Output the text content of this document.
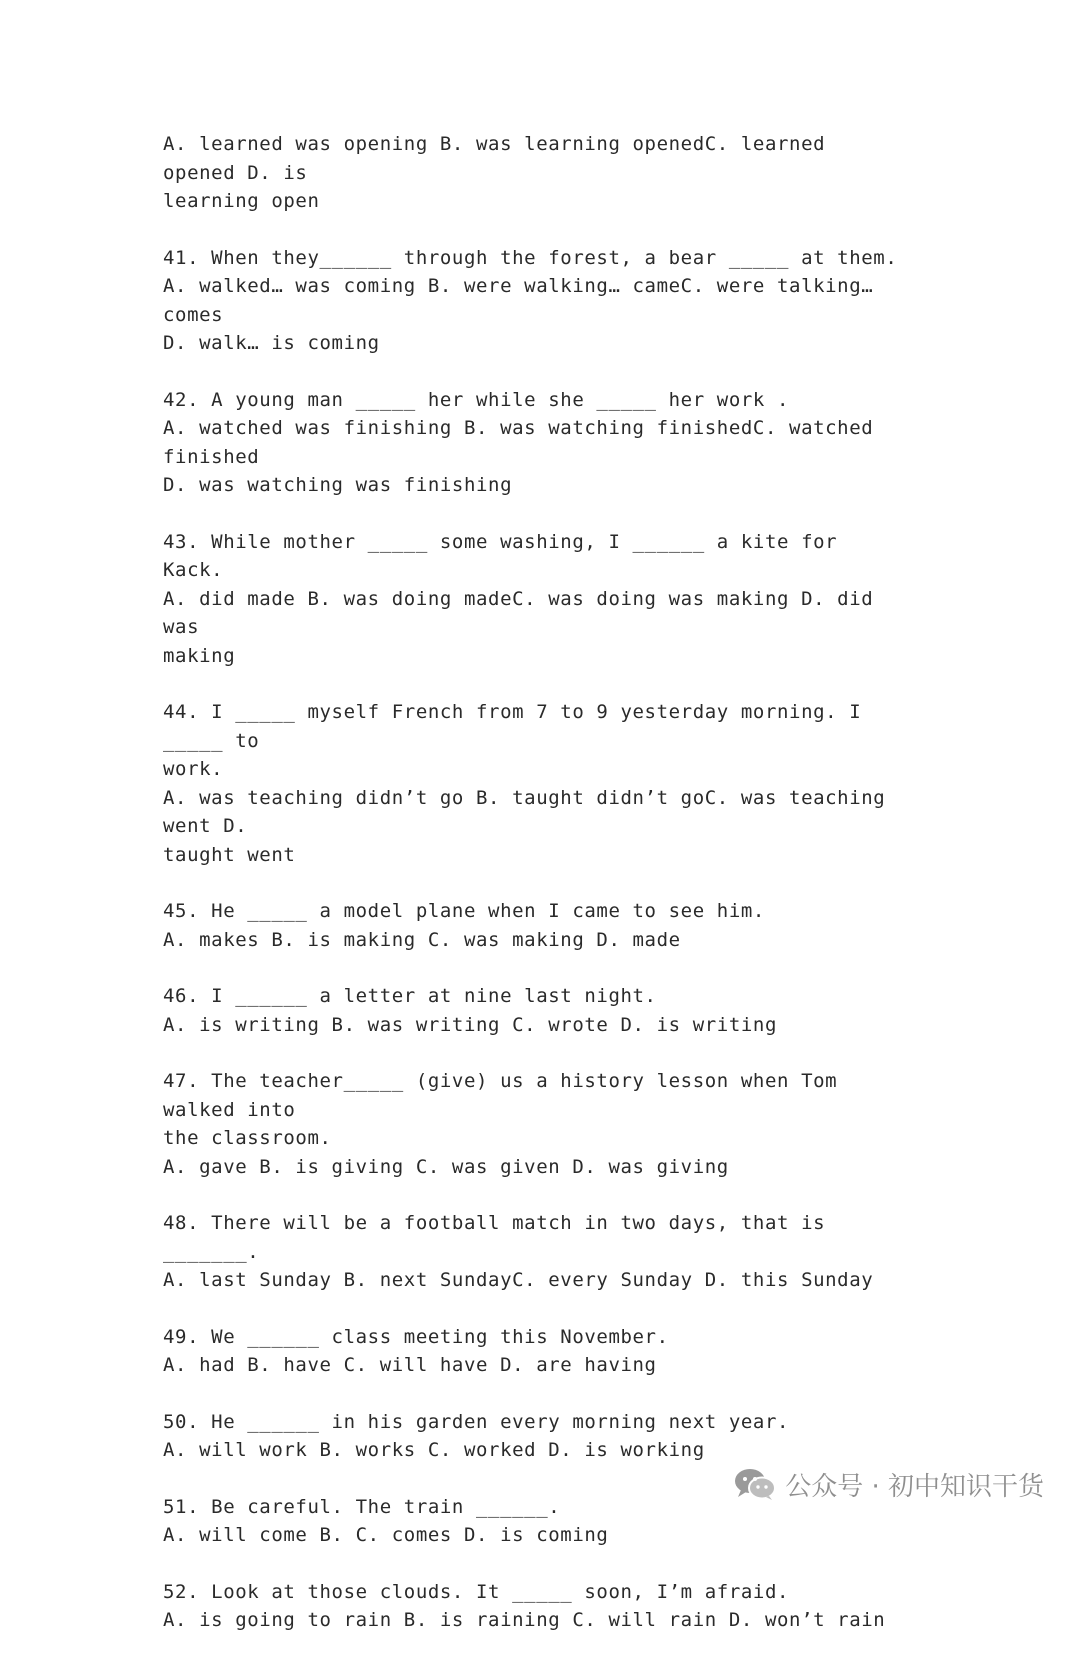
A. learned was opening B. was learning openedC. learned opened D. is
learning open
41. When they______ through the forest, a bear _____ at them.
A. walked… was coming B. were walking… cameC. were talking… comes
D. walk… is coming
42. A young man _____ her while she _____ her work .
A. watched was finishing B. was watching finishedC. watched finished
D. was watching was finishing
43. While mother _____ some washing, I ______ a kite for Kack.
A. did made B. was doing madeC. was doing was making D. did was
making
44. I _____ myself French from 7 to 9 yesterday morning. I _____ to
work.
A. was teaching didn’t go B. taught didn’t goC. was teaching went D.
taught went
45. He _____ a model plane when I came to see him.
A. makes B. is making C. was making D. made
46. I ______ a letter at nine last night.
A. is writing B. was writing C. wrote D. is writing
47. The teacher_____ (give) us a history lesson when Tom walked into
the classroom.
A. gave B. is giving C. was given D. was giving
48. There will be a football match in two days, that is _______.
A. last Sunday B. next SundayC. every Sunday D. this Sunday
49. We ______ class meeting this November.
A. had B. have C. will have D. are having
50. He ______ in his garden every morning next year.
A. will work B. works C. worked D. is working
51. Be careful. The train ______.
A. will come B. C. comes D. is coming
52. Look at those clouds. It _____ soon, I’m afraid.
A. is going to rain B. is raining C. will rain D. won’t rain
公众号 · 初中知识干货
